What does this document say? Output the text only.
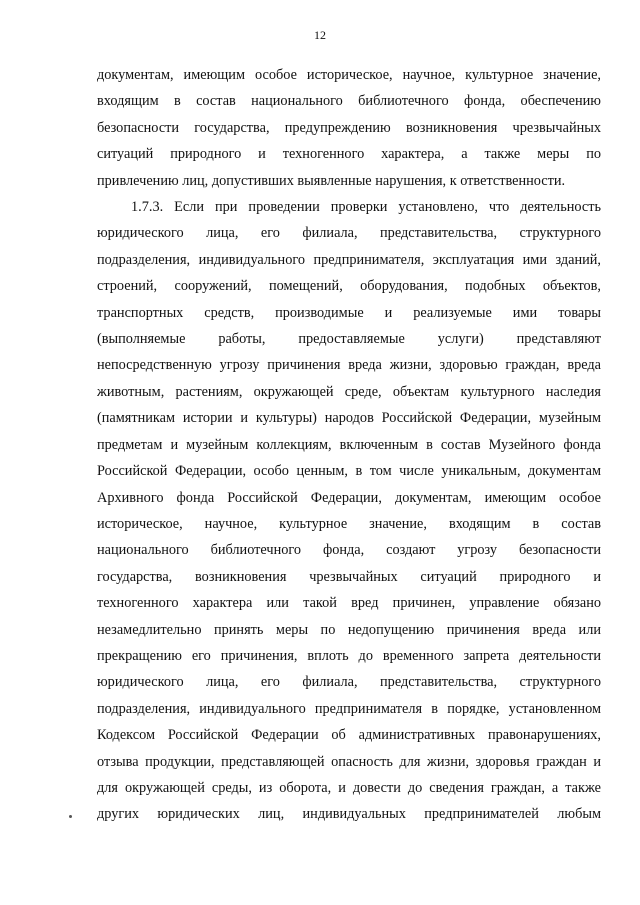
12
документам, имеющим особое историческое, научное, культурное значение,
входящим в состав национального библиотечного фонда, обеспечению
безопасности государства, предупреждению возникновения чрезвычайных
ситуаций природного и техногенного характера, а также меры по
привлечению лиц, допустивших выявленные нарушения, к ответственности.
1.7.3. Если при проведении проверки установлено, что деятельность
юридического лица, его филиала, представительства, структурного
подразделения, индивидуального предпринимателя, эксплуатация ими зданий,
строений, сооружений, помещений, оборудования, подобных объектов,
транспортных средств, производимые и реализуемые ими товары
(выполняемые работы, предоставляемые услуги) представляют
непосредственную угрозу причинения вреда жизни, здоровью граждан, вреда
животным, растениям, окружающей среде, объектам культурного наследия
(памятникам истории и культуры) народов Российской Федерации, музейным
предметам и музейным коллекциям, включенным в состав Музейного фонда
Российской Федерации, особо ценным, в том числе уникальным, документам
Архивного фонда Российской Федерации, документам, имеющим особое
историческое, научное, культурное значение, входящим в состав
национального библиотечного фонда, создают угрозу безопасности
государства, возникновения чрезвычайных ситуаций природного и
техногенного характера или такой вред причинен, управление обязано
незамедлительно принять меры по недопущению причинения вреда или
прекращению его причинения, вплоть до временного запрета деятельности
юридического лица, его филиала, представительства, структурного
подразделения, индивидуального предпринимателя в порядке, установленном
Кодексом Российской Федерации об административных правонарушениях,
отзыва продукции, представляющей опасность для жизни, здоровья граждан и
для окружающей среды, из оборота, и довести до сведения граждан, а также
других юридических лиц, индивидуальных предпринимателей любым
